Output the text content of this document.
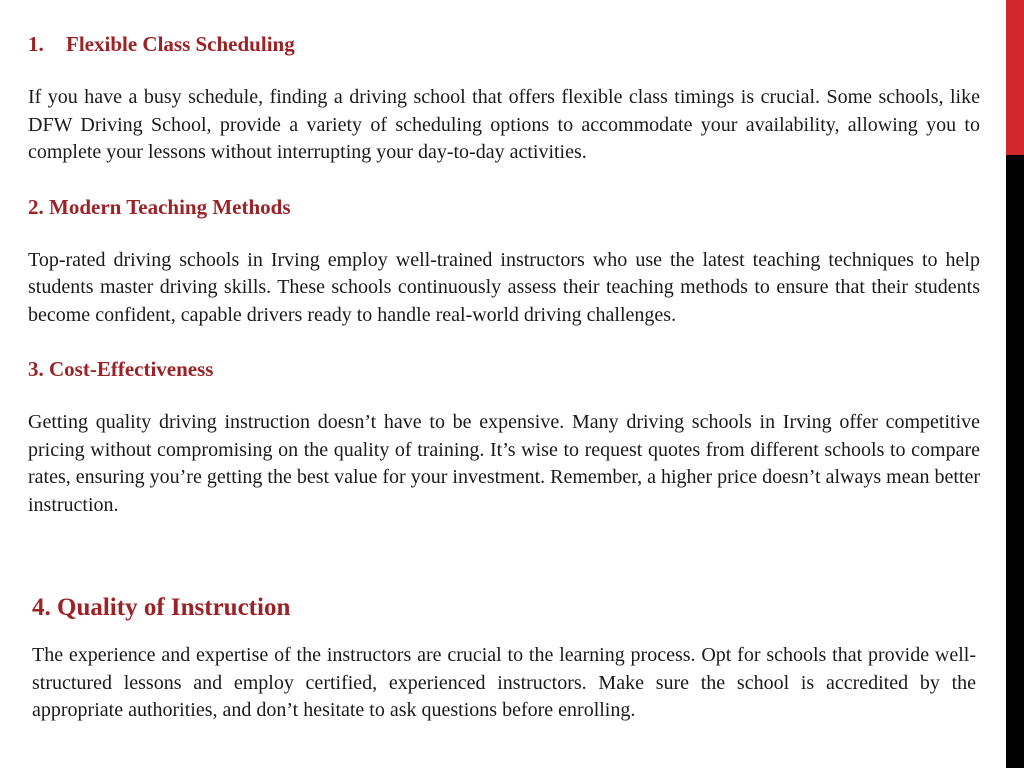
1. Flexible Class Scheduling

If you have a busy schedule, finding a driving school that offers flexible class timings is crucial. Some schools, like DFW Driving School, provide a variety of scheduling options to accommodate your availability, allowing you to complete your lessons without interrupting your day-to-day activities.

2. Modern Teaching Methods

Top-rated driving schools in Irving employ well-trained instructors who use the latest teaching techniques to help students master driving skills. These schools continuously assess their teaching methods to ensure that their students become confident, capable drivers ready to handle real-world driving challenges.

3. Cost-Effectiveness

Getting quality driving instruction doesn’t have to be expensive. Many driving schools in Irving offer competitive pricing without compromising on the quality of training. It’s wise to request quotes from different schools to compare rates, ensuring you’re getting the best value for your investment. Remember, a higher price doesn’t always mean better instruction.

4. Quality of Instruction

The experience and expertise of the instructors are crucial to the learning process. Opt for schools that provide well-structured lessons and employ certified, experienced instructors. Make sure the school is accredited by the appropriate authorities, and don’t hesitate to ask questions before enrolling.
